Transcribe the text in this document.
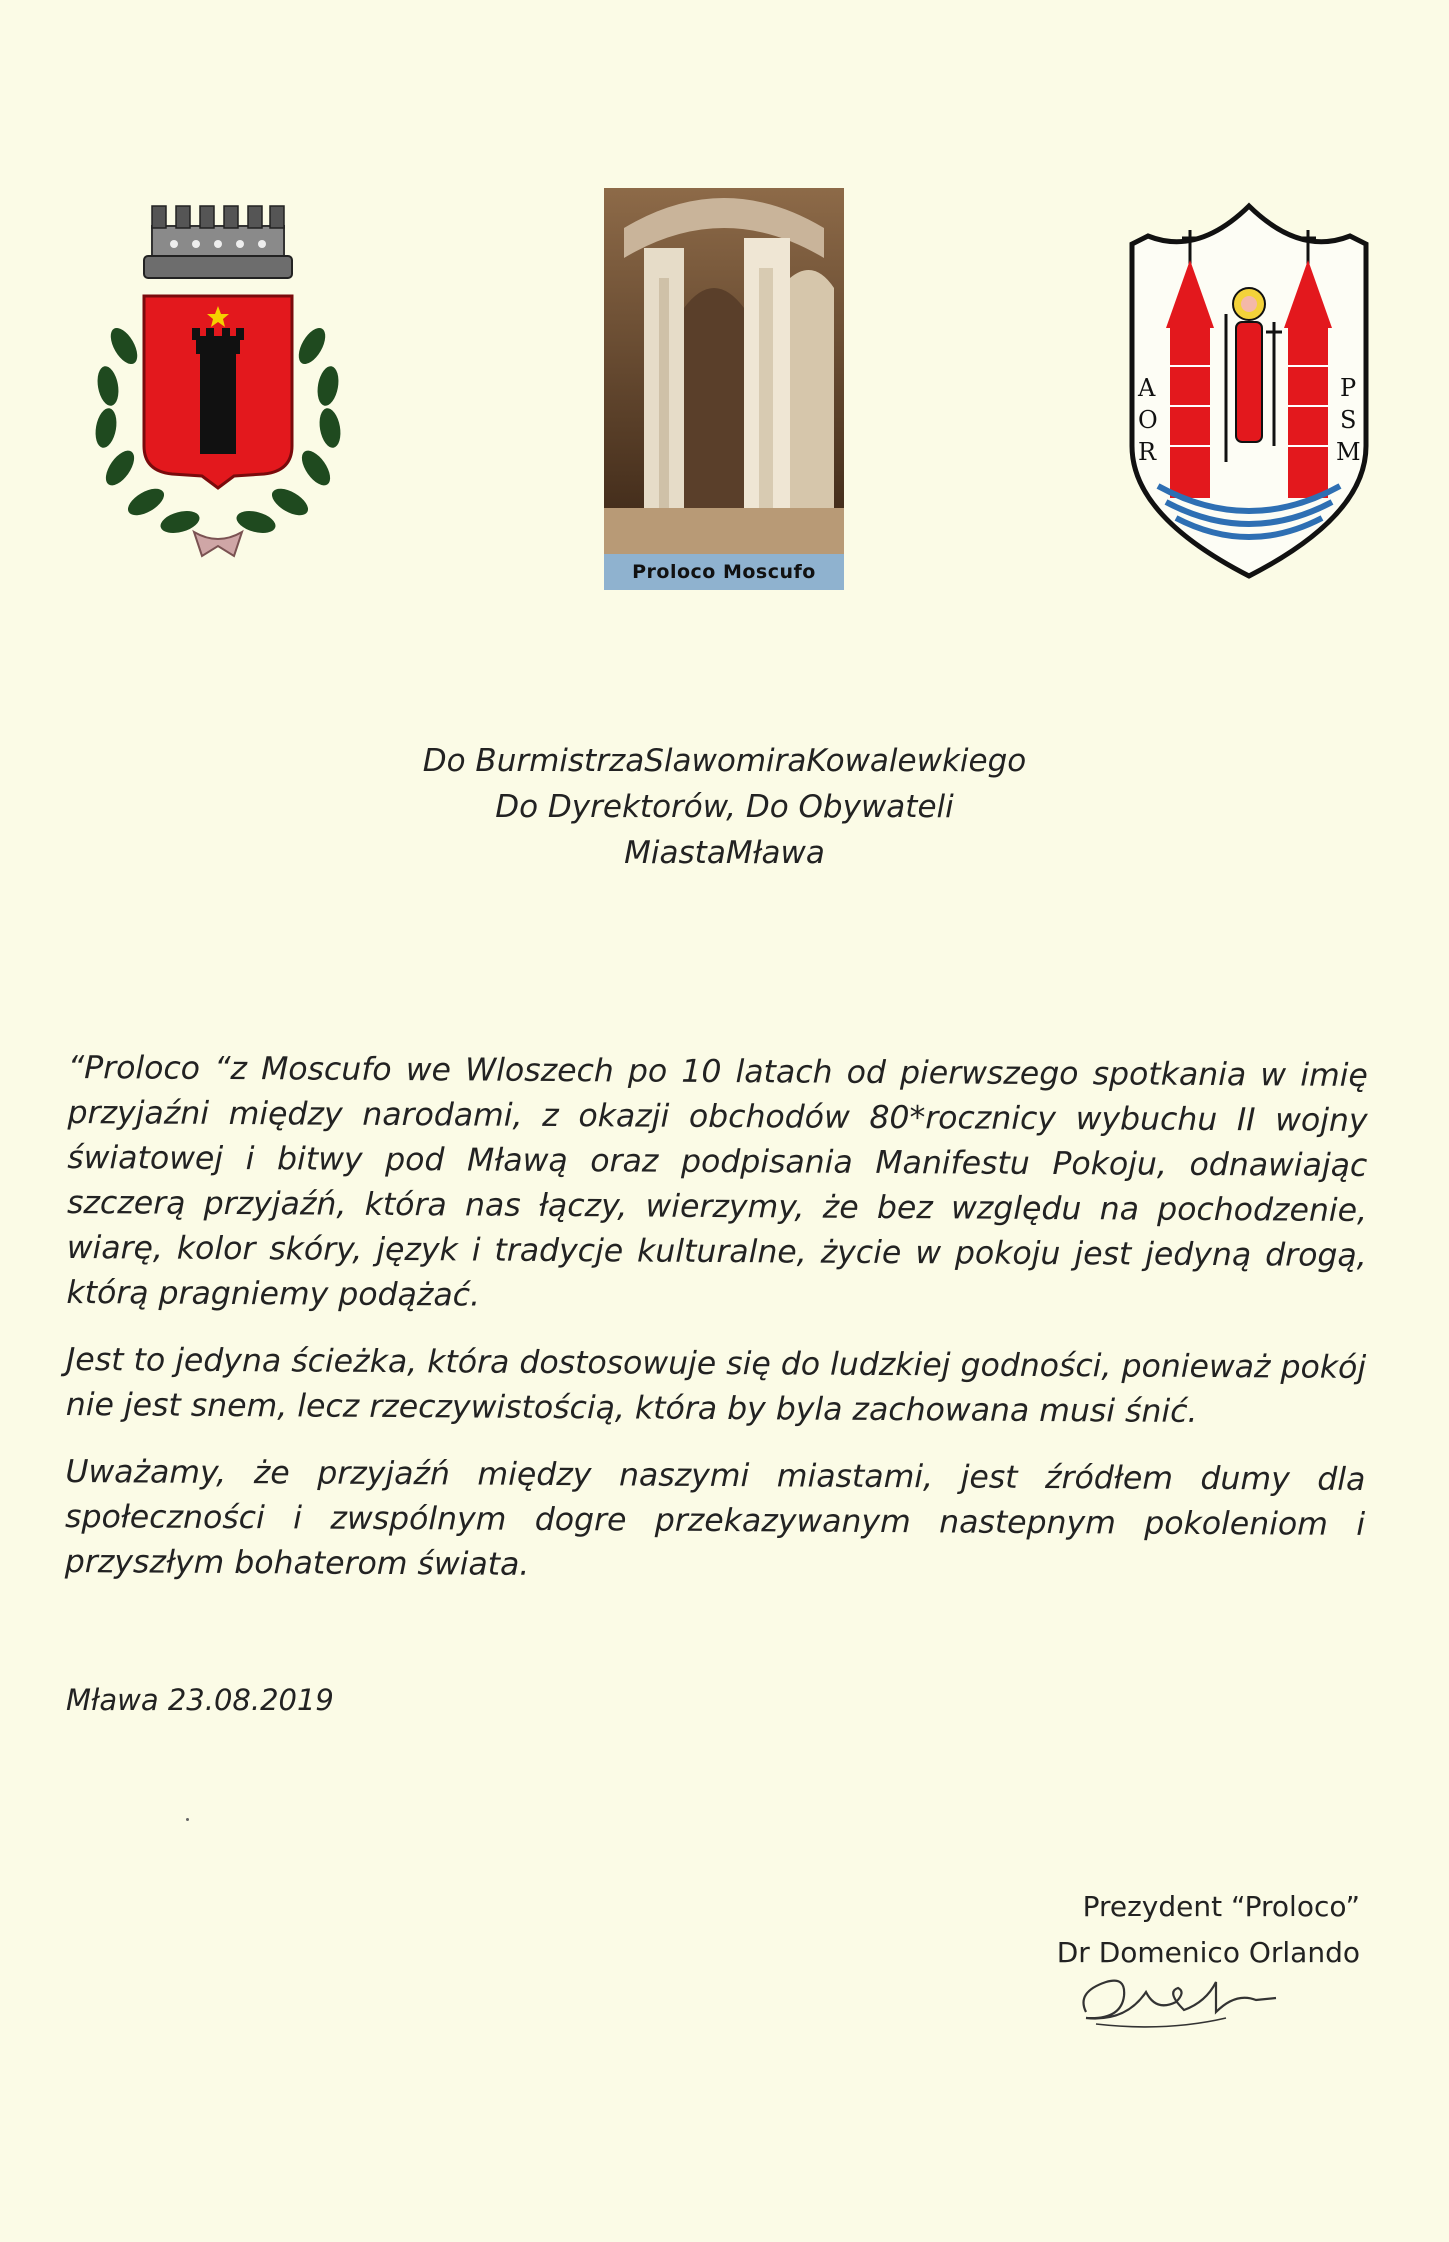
Proloco Moscufo
A
O
R
P
S
M
Do BurmistrzaSlawomiraKowalewkiego
Do Dyrektorów, Do Obywateli
MiastaMława

“Proloco “z Moscufo we Wloszech po 10 latach od pierwszego spotkania w imię przyjaźni między narodami, z okazji obchodów 80*rocznicy wybuchu II wojny światowej i bitwy pod Mławą oraz podpisania Manifestu Pokoju, odnawiając szczerą przyjaźń, która nas łączy, wierzymy, że bez względu na pochodzenie, wiarę, kolor skóry, język i tradycje kulturalne, życie w pokoju jest jedyną drogą, którą pragniemy podążać.

Jest to jedyna ścieżka, która dostosowuje się do ludzkiej godności, ponieważ pokój nie jest snem, lecz rzeczywistością, która by byla zachowana musi śnić.

Uważamy, że przyjaźń między naszymi miastami, jest źródłem dumy dla społeczności i zwspólnym dogre przekazywanym nastepnym pokoleniom i przyszłym bohaterom świata.

Mława 23.08.2019
Prezydent “Proloco”
Dr Domenico Orlando
